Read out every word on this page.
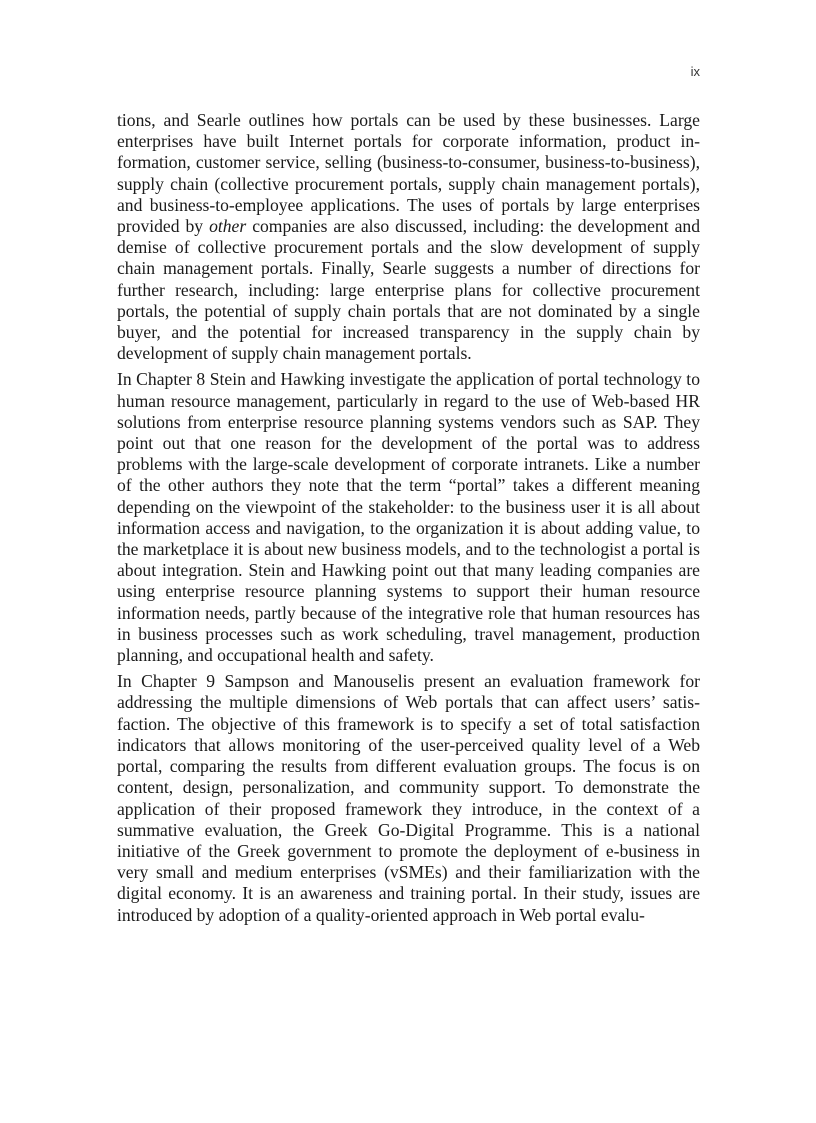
ix

tions, and Searle outlines how portals can be used by these businesses. Large enterprises have built Internet portals for corporate information, product information, customer service, selling (business-to-consumer, business-to-business), supply chain (collective procurement portals, supply chain management portals), and business-to-employee applications. The uses of portals by large enterprises provided by other companies are also discussed, including: the development and demise of collective procurement portals and the slow development of supply chain management portals. Finally, Searle suggests a number of directions for further research, including: large enterprise plans for collective procurement portals, the potential of supply chain portals that are not dominated by a single buyer, and the potential for increased transparency in the supply chain by development of supply chain management portals.

In Chapter 8 Stein and Hawking investigate the application of portal technology to human resource management, particularly in regard to the use of Web-based HR solutions from enterprise resource planning systems vendors such as SAP. They point out that one reason for the development of the portal was to address problems with the large-scale development of corporate intranets. Like a number of the other authors they note that the term “portal” takes a different meaning depending on the viewpoint of the stakeholder: to the business user it is all about information access and navigation, to the organization it is about adding value, to the marketplace it is about new business models, and to the technologist a portal is about integration. Stein and Hawking point out that many leading companies are using enterprise resource planning systems to support their human resource information needs, partly because of the integrative role that human resources has in business processes such as work scheduling, travel management, production planning, and occupational health and safety.

In Chapter 9 Sampson and Manouselis present an evaluation framework for addressing the multiple dimensions of Web portals that can affect users’ satisfaction. The objective of this framework is to specify a set of total satisfaction indicators that allows monitoring of the user-perceived quality level of a Web portal, comparing the results from different evaluation groups. The focus is on content, design, personalization, and community support. To demonstrate the application of their proposed framework they introduce, in the context of a summative evaluation, the Greek Go-Digital Programme. This is a national initiative of the Greek government to promote the deployment of e-business in very small and medium enterprises (vSMEs) and their familiarization with the digital economy. It is an awareness and training portal. In their study, issues are introduced by adoption of a quality-oriented approach in Web portal evalu-
